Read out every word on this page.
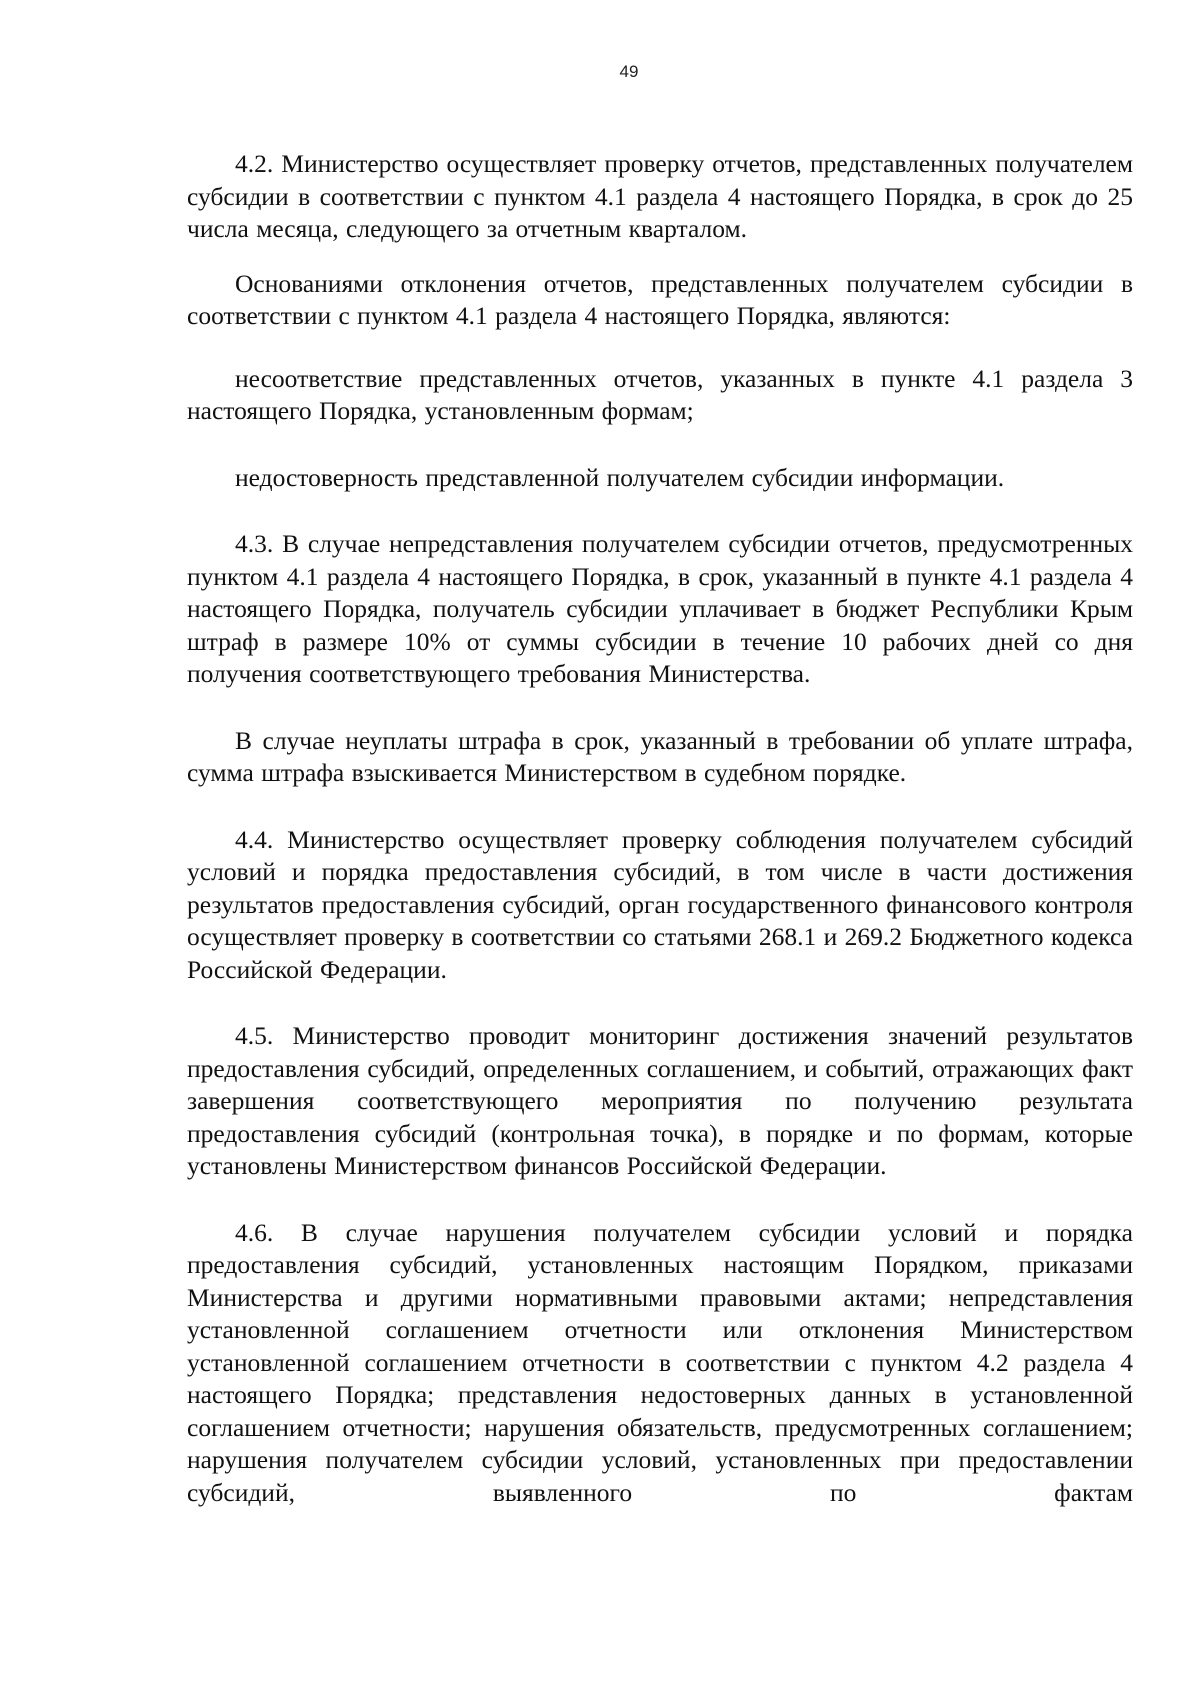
49

4.2. Министерство осуществляет проверку отчетов, представленных получателем субсидии в соответствии с пунктом 4.1 раздела 4 настоящего Порядка, в срок до 25 числа месяца, следующего за отчетным кварталом.

Основаниями отклонения отчетов, представленных получателем субсидии в соответствии с пунктом 4.1 раздела 4 настоящего Порядка, являются:

несоответствие представленных отчетов, указанных в пункте 4.1 раздела 3 настоящего Порядка, установленным формам;

недостоверность представленной получателем субсидии информации.

4.3. В случае непредставления получателем субсидии отчетов, предусмотренных пунктом 4.1 раздела 4 настоящего Порядка, в срок, указанный в пункте 4.1 раздела 4 настоящего Порядка, получатель субсидии уплачивает в бюджет Республики Крым штраф в размере 10% от суммы субсидии в течение 10 рабочих дней со дня получения соответствующего требования Министерства.

В случае неуплаты штрафа в срок, указанный в требовании об уплате штрафа, сумма штрафа взыскивается Министерством в судебном порядке.

4.4. Министерство осуществляет проверку соблюдения получателем субсидий условий и порядка предоставления субсидий, в том числе в части достижения результатов предоставления субсидий, орган государственного финансового контроля осуществляет проверку в соответствии со статьями 268.1 и 269.2 Бюджетного кодекса Российской Федерации.

4.5. Министерство проводит мониторинг достижения значений результатов предоставления субсидий, определенных соглашением, и событий, отражающих факт завершения соответствующего мероприятия по получению результата предоставления субсидий (контрольная точка), в порядке и по формам, которые установлены Министерством финансов Российской Федерации.

4.6. В случае нарушения получателем субсидии условий и порядка предоставления субсидий, установленных настоящим Порядком, приказами Министерства и другими нормативными правовыми актами; непредставления установленной соглашением отчетности или отклонения Министерством установленной соглашением отчетности в соответствии с пунктом 4.2 раздела 4 настоящего Порядка; представления недостоверных данных в установленной соглашением отчетности; нарушения обязательств, предусмотренных соглашением; нарушения получателем субсидии условий, установленных при предоставлении субсидий, выявленного по фактам
